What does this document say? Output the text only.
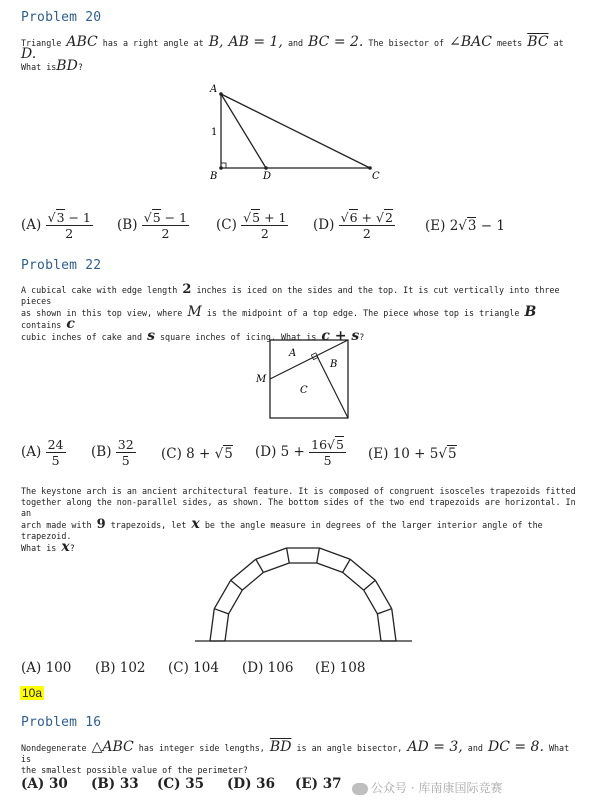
Problem 20
Triangle ABC has a right angle at B, AB = 1, and BC = 2. The bisector of ∠BAC meets $\overline{BC}$ at D.
What isBD?
A
B	D	C
1
$(A) \frac{√3 - 1}{2} (B) \frac{√5 - 1}{2} (C) \frac{√5 + 1}{2} (D) \frac{√6 + √2}{2} (E) 2√3 - 1$
Problem 22
A cubical cake with edge length 2 inches is iced on the sides and the top. It is cut vertically into three pieces
as shown in this top view, where M is the midpoint of a top edge. The piece whose top is triangle B contains c
cubic inches of cake and s square inches of icing. What is c + s?
A
B
C
M
$(A) \frac{24}{5} (B) \frac{32}{5} (C) 8 + √5$ (D) $5 + \frac{16√5}{5} (E) 10 + 5√5$
The keystone arch is an ancient architectural feature. It is composed of congruent isosceles trapezoids fitted
together along the non-parallel sides, as shown. The bottom sides of the two end trapezoids are horizontal. In an
arch made with 9 trapezoids, let x be the angle measure in degrees of the larger interior angle of the trapezoid.
What is x?
(A) 100 (B) 102 (C) 104 (D) 106 (E) 108
10a
Problem 16
Nondegenerate △ABC has integer side lengths, $\overline{BD}$ is an angle bisector, AD = 3, and DC = 8. What is
the smallest possible value of the perimeter?
(A) 30 (B) 33 (C) 35 (D) 36 (E) 37	公众号 · 库南康国际竞赛
